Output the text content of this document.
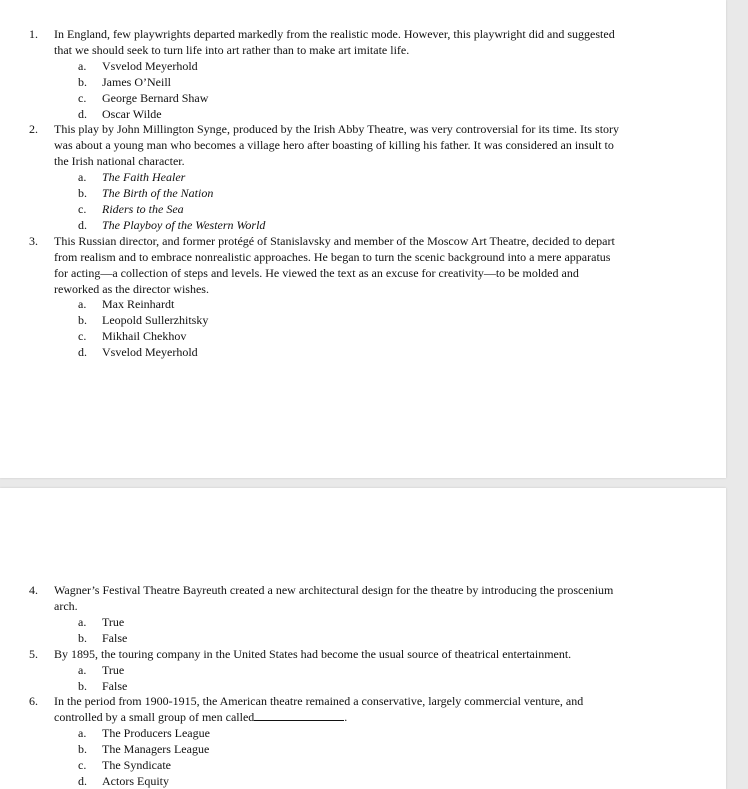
1.	In England, few playwrights departed markedly from the realistic mode. However, this playwright did and suggested that we should seek to turn life into art rather than to make art imitate life.
a.	Vsvelod Meyerhold
b.	James O’Neill
c.	George Bernard Shaw
d.	Oscar Wilde
2.	This play by John Millington Synge, produced by the Irish Abby Theatre, was very controversial for its time. Its story was about a young man who becomes a village hero after boasting of killing his father. It was considered an insult to the Irish national character.
a.	The Faith Healer
b.	The Birth of the Nation
c.	Riders to the Sea
d.	The Playboy of the Western World
3.	This Russian director, and former protégé of Stanislavsky and member of the Moscow Art Theatre, decided to depart from realism and to embrace nonrealistic approaches. He began to turn the scenic background into a mere apparatus for acting—a collection of steps and levels. He viewed the text as an excuse for creativity—to be molded and reworked as the director wishes.
a.	Max Reinhardt
b.	Leopold Sullerzhitsky
c.	Mikhail Chekhov
d.	Vsvelod Meyerhold
4.	Wagner’s Festival Theatre Bayreuth created a new architectural design for the theatre by introducing the proscenium arch.
a.	True
b.	False
5.	By 1895, the touring company in the United States had become the usual source of theatrical entertainment.
a.	True
b.	False
6.	In the period from 1900-1915, the American theatre remained a conservative, largely commercial venture, and controlled by a small group of men called	.
a.	The Producers League
b.	The Managers League
c.	The Syndicate
d.	Actors Equity
